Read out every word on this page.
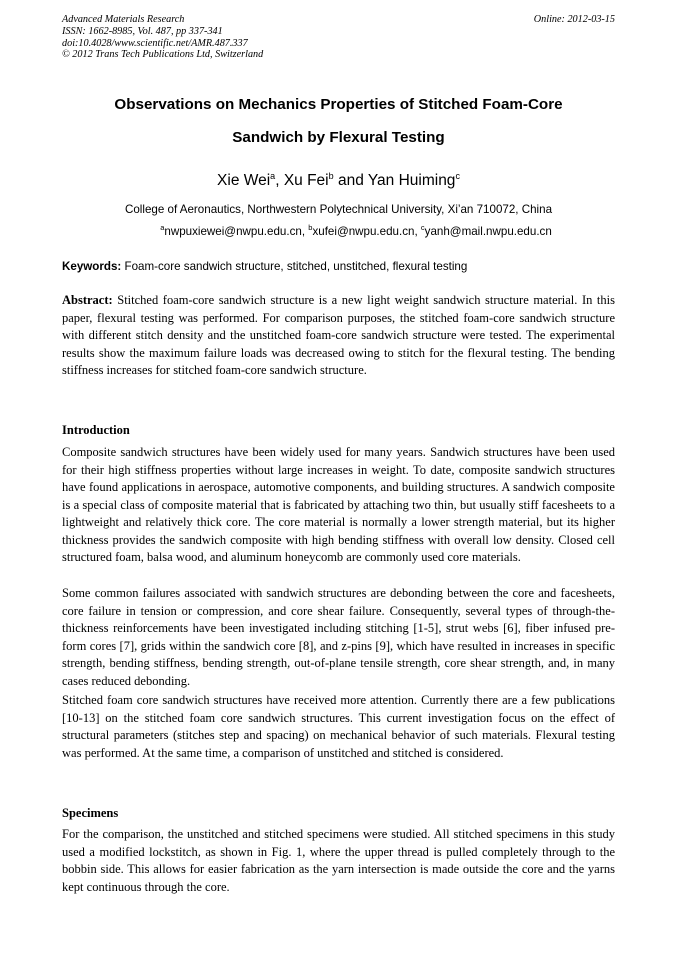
Advanced Materials Research
ISSN: 1662-8985, Vol. 487, pp 337-341
doi:10.4028/www.scientific.net/AMR.487.337
© 2012 Trans Tech Publications Ltd, Switzerland
Online: 2012-03-15
Observations on Mechanics Properties of Stitched Foam-Core
Sandwich by Flexural Testing
Xie Wei$^a$, Xu Fei$^b$ and Yan Huiming$^c$
College of Aeronautics, Northwestern Polytechnical University, Xi’an 710072, China
$^a$nwpuxiewei@nwpu.edu.cn, $^b$xufei@nwpu.edu.cn, $^c$yanh@mail.nwpu.edu.cn
Keywords: Foam-core sandwich structure, stitched, unstitched, flexural testing
Abstract: Stitched foam-core sandwich structure is a new light weight sandwich structure material. In this paper, flexural testing was performed. For comparison purposes, the stitched foam-core sandwich structure with different stitch density and the unstitched foam-core sandwich structure were tested. The experimental results show the maximum failure loads was decreased owing to stitch for the flexural testing. The bending stiffness increases for stitched foam-core sandwich structure.
Introduction
Composite sandwich structures have been widely used for many years. Sandwich structures have been used for their high stiffness properties without large increases in weight. To date, composite sandwich structures have found applications in aerospace, automotive components, and building structures. A sandwich composite is a special class of composite material that is fabricated by attaching two thin, but usually stiff facesheets to a lightweight and relatively thick core. The core material is normally a lower strength material, but its higher thickness provides the sandwich composite with high bending stiffness with overall low density. Closed cell structured foam, balsa wood, and aluminum honeycomb are commonly used core materials.
Some common failures associated with sandwich structures are debonding between the core and facesheets, core failure in tension or compression, and core shear failure. Consequently, several types of through-the-thickness reinforcements have been investigated including stitching [1-5], strut webs [6], fiber infused pre-form cores [7], grids within the sandwich core [8], and z-pins [9], which have resulted in increases in specific strength, bending stiffness, bending strength, out-of-plane tensile strength, core shear strength, and, in many cases reduced debonding.
Stitched foam core sandwich structures have received more attention. Currently there are a few publications [10-13] on the stitched foam core sandwich structures. This current investigation focus on the effect of structural parameters (stitches step and spacing) on mechanical behavior of such materials. Flexural testing was performed. At the same time, a comparison of unstitched and stitched is considered.
Specimens
For the comparison, the unstitched and stitched specimens were studied. All stitched specimens in this study used a modified lockstitch, as shown in Fig. 1, where the upper thread is pulled completely through to the bobbin side. This allows for easier fabrication as the yarn intersection is made outside the core and the yarns kept continuous through the core.
